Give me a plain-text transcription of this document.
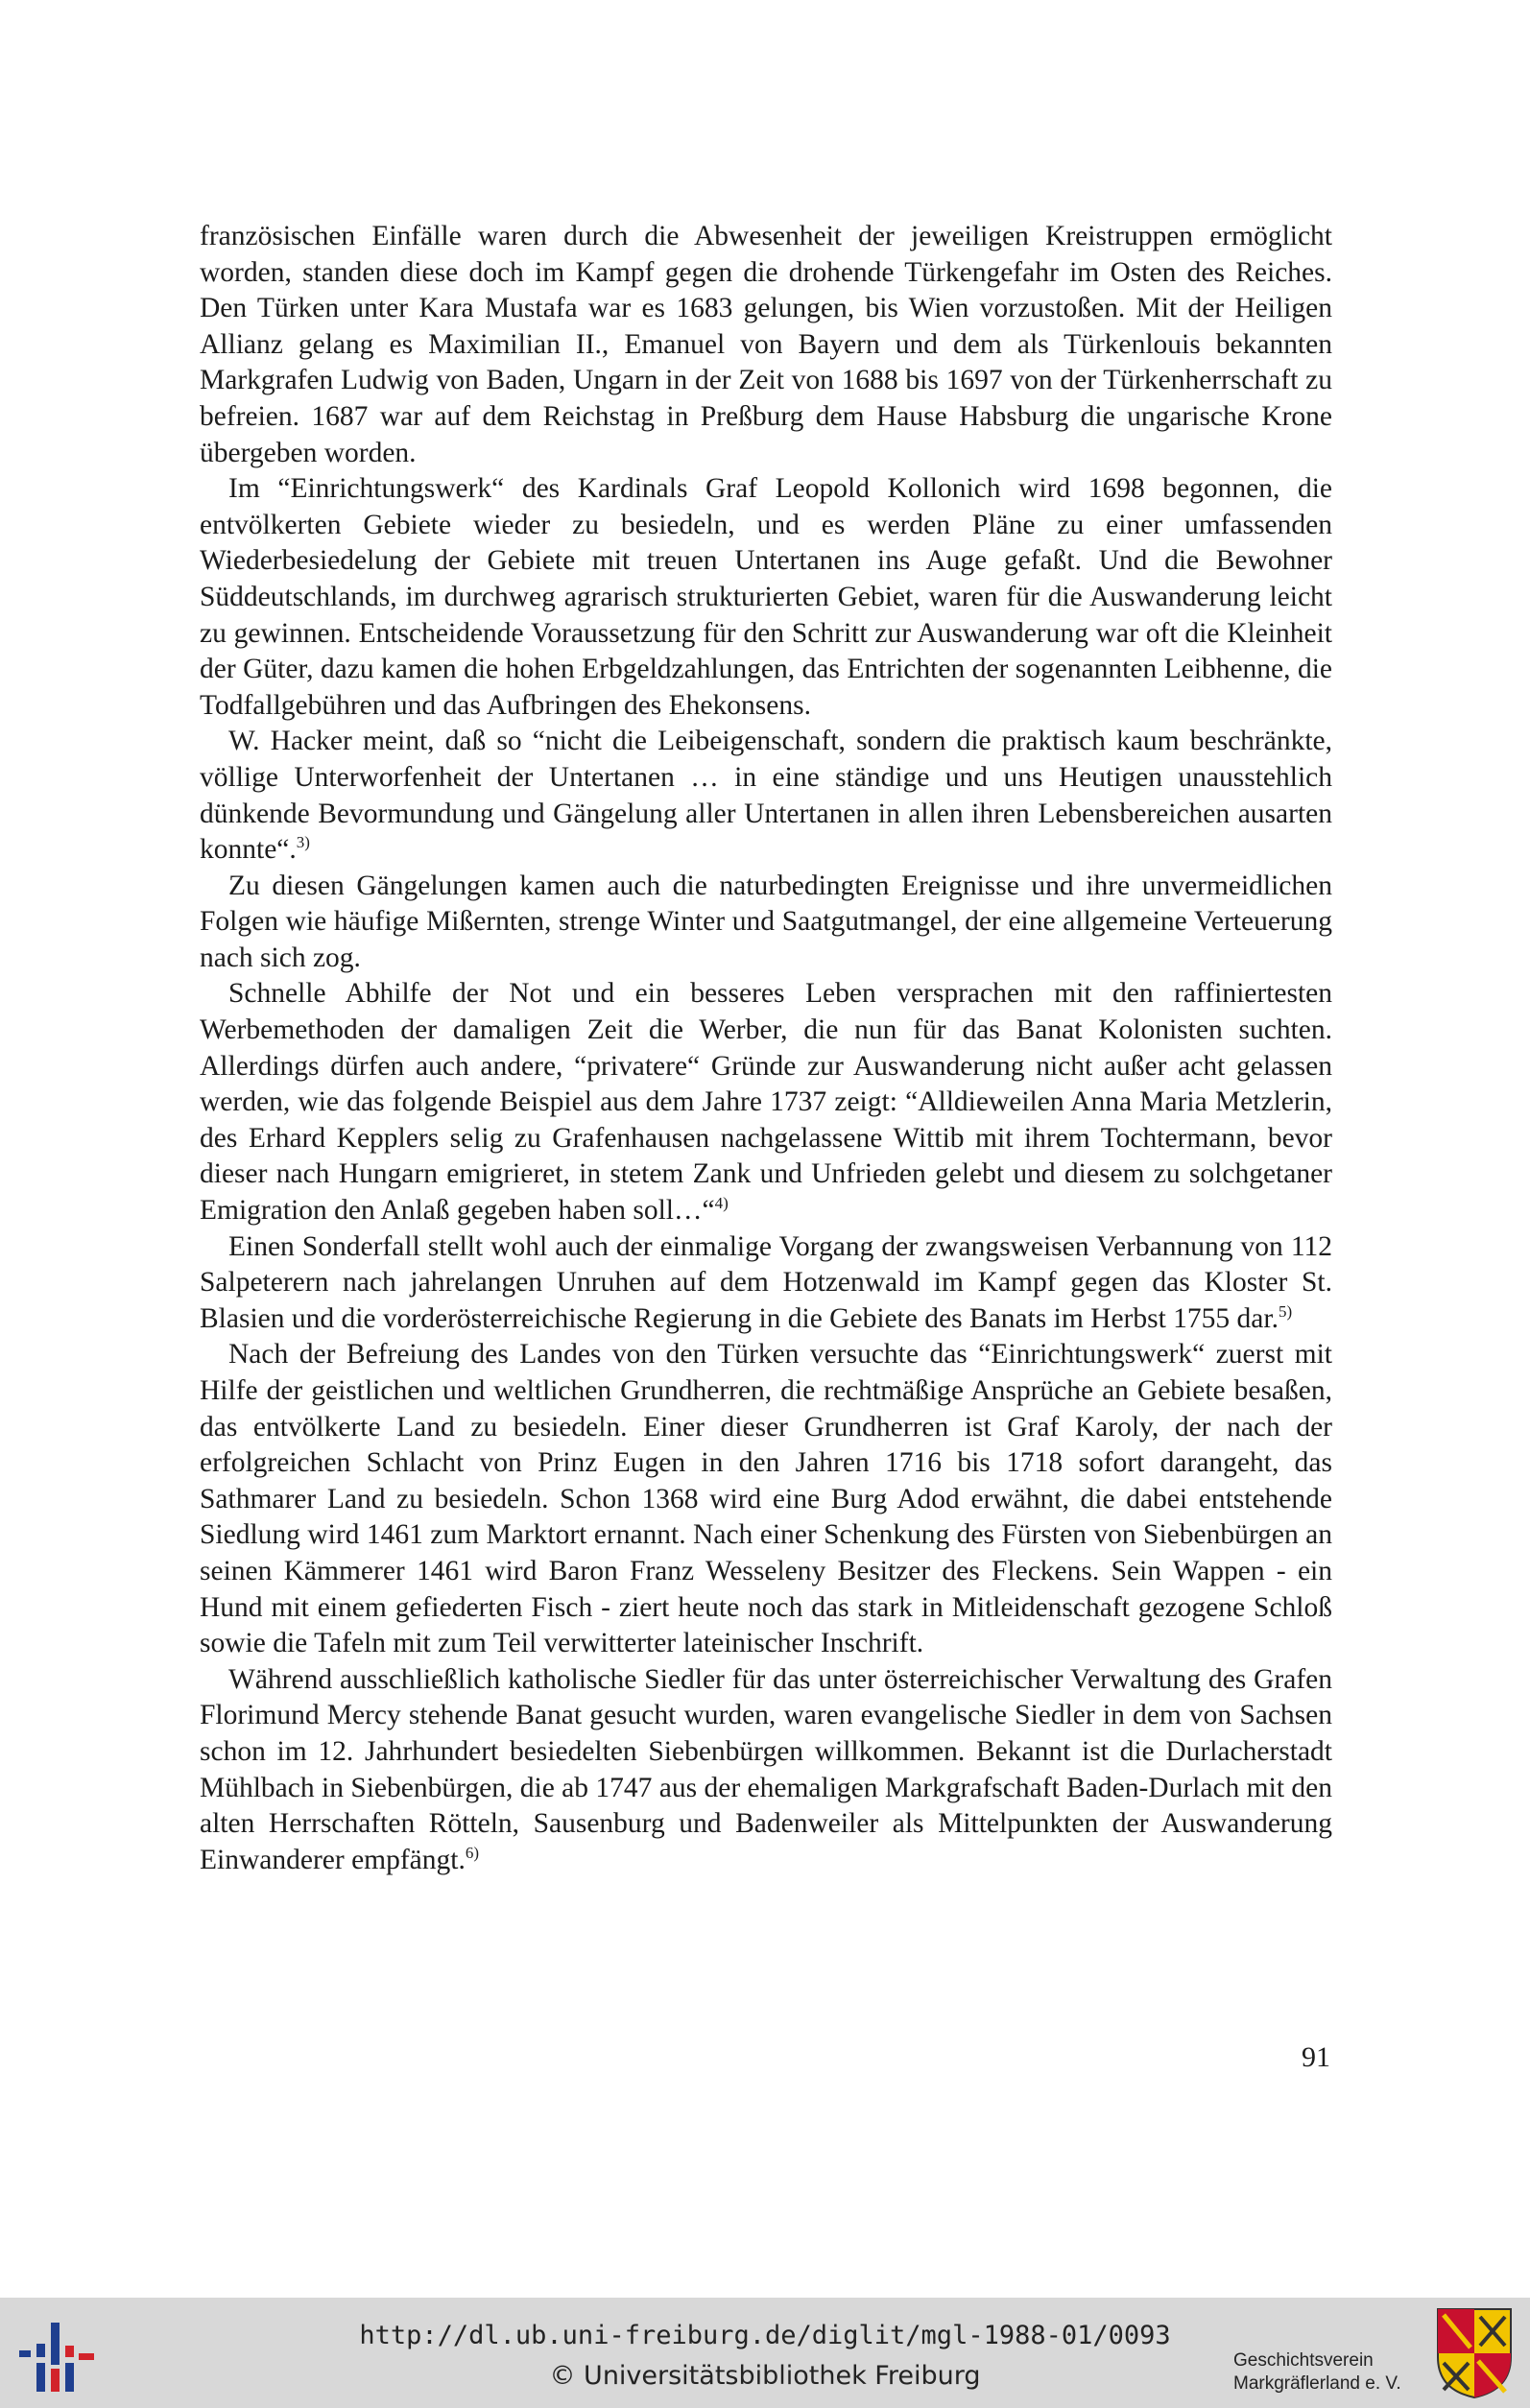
französischen Einfälle waren durch die Abwesenheit der jeweiligen Kreistruppen ermöglicht worden, standen diese doch im Kampf gegen die drohende Türkengefahr im Osten des Reiches. Den Türken unter Kara Mustafa war es 1683 gelungen, bis Wien vorzustoßen. Mit der Heiligen Allianz gelang es Maximilian II., Emanuel von Bayern und dem als Türkenlouis bekannten Markgrafen Ludwig von Baden, Ungarn in der Zeit von 1688 bis 1697 von der Türkenherrschaft zu befreien. 1687 war auf dem Reichstag in Preßburg dem Hause Habsburg die ungarische Krone übergeben worden.

Im “Einrichtungswerk“ des Kardinals Graf Leopold Kollonich wird 1698 begonnen, die entvölkerten Gebiete wieder zu besiedeln, und es werden Pläne zu einer umfassenden Wiederbesiedelung der Gebiete mit treuen Untertanen ins Auge gefaßt. Und die Bewohner Süddeutschlands, im durchweg agrarisch strukturierten Gebiet, waren für die Auswanderung leicht zu gewinnen. Entscheidende Voraussetzung für den Schritt zur Auswanderung war oft die Kleinheit der Güter, dazu kamen die hohen Erbgeldzahlungen, das Entrichten der sogenannten Leibhenne, die Todfallgebühren und das Aufbringen des Ehekonsens.

W. Hacker meint, daß so “nicht die Leibeigenschaft, sondern die praktisch kaum beschränkte, völlige Unterworfenheit der Untertanen … in eine ständige und uns Heutigen unausstehlich dünkende Bevormundung und Gängelung aller Untertanen in allen ihren Lebensbereichen ausarten konnte“.$^{3)}$

Zu diesen Gängelungen kamen auch die naturbedingten Ereignisse und ihre unvermeidlichen Folgen wie häufige Mißernten, strenge Winter und Saatgutmangel, der eine allgemeine Verteuerung nach sich zog.

Schnelle Abhilfe der Not und ein besseres Leben versprachen mit den raffiniertesten Werbemethoden der damaligen Zeit die Werber, die nun für das Banat Kolonisten suchten. Allerdings dürfen auch andere, “privatere“ Gründe zur Auswanderung nicht außer acht gelassen werden, wie das folgende Beispiel aus dem Jahre 1737 zeigt: “Alldieweilen Anna Maria Metzlerin, des Erhard Kepplers selig zu Grafenhausen nachgelassene Wittib mit ihrem Tochtermann, bevor dieser nach Hungarn emigrieret, in stetem Zank und Unfrieden gelebt und diesem zu solchgetaner Emigration den Anlaß gegeben haben soll…“$^{4)}$

Einen Sonderfall stellt wohl auch der einmalige Vorgang der zwangsweisen Verbannung von 112 Salpeterern nach jahrelangen Unruhen auf dem Hotzenwald im Kampf gegen das Kloster St. Blasien und die vorderösterreichische Regierung in die Gebiete des Banats im Herbst 1755 dar.$^{5)}$

Nach der Befreiung des Landes von den Türken versuchte das “Einrichtungswerk“ zuerst mit Hilfe der geistlichen und weltlichen Grundherren, die rechtmäßige Ansprüche an Gebiete besaßen, das entvölkerte Land zu besiedeln. Einer dieser Grundherren ist Graf Karoly, der nach der erfolgreichen Schlacht von Prinz Eugen in den Jahren 1716 bis 1718 sofort darangeht, das Sathmarer Land zu besiedeln. Schon 1368 wird eine Burg Adod erwähnt, die dabei entstehende Siedlung wird 1461 zum Marktort ernannt. Nach einer Schenkung des Fürsten von Siebenbürgen an seinen Kämmerer 1461 wird Baron Franz Wesseleny Besitzer des Fleckens. Sein Wappen - ein Hund mit einem gefiederten Fisch - ziert heute noch das stark in Mitleidenschaft gezogene Schloß sowie die Tafeln mit zum Teil verwitterter lateinischer Inschrift.

Während ausschließlich katholische Siedler für das unter österreichischer Verwaltung des Grafen Florimund Mercy stehende Banat gesucht wurden, waren evangelische Siedler in dem von Sachsen schon im 12. Jahrhundert besiedelten Siebenbürgen willkommen. Bekannt ist die Durlacherstadt Mühlbach in Siebenbürgen, die ab 1747 aus der ehemaligen Markgrafschaft Baden-Durlach mit den alten Herrschaften Rötteln, Sausenburg und Badenweiler als Mittelpunkten der Auswanderung Einwanderer empfängt.$^{6)}$

91
http://dl.ub.uni-freiburg.de/diglit/mgl-1988-01/0093
© Universitätsbibliothek Freiburg
Geschichtsverein
Markgräflerland e. V.
